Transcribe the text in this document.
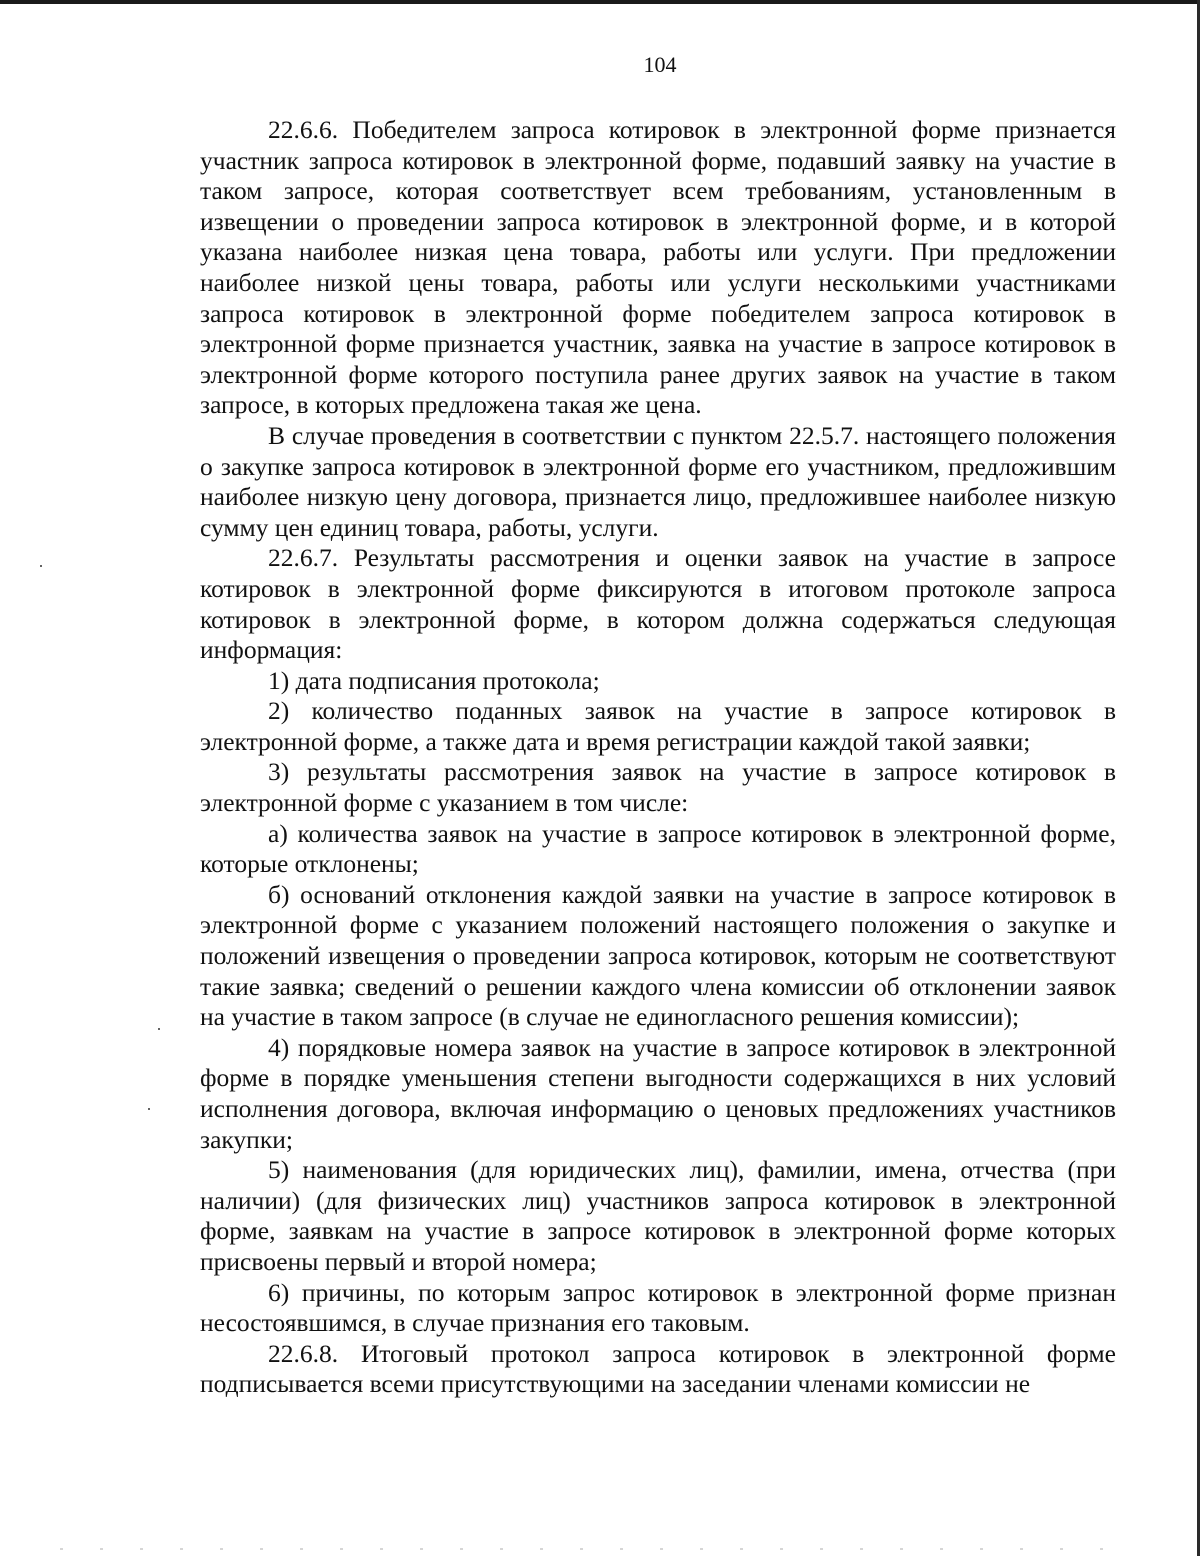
104

22.6.6. Победителем запроса котировок в электронной форме признается участник запроса котировок в электронной форме, подавший заявку на участие в таком запросе, которая соответствует всем требованиям, установленным в извещении о проведении запроса котировок в электронной форме, и в которой указана наиболее низкая цена товара, работы или услуги. При предложении наиболее низкой цены товара, работы или услуги несколькими участниками запроса котировок в электронной форме победителем запроса котировок в электронной форме признается участник, заявка на участие в запросе котировок в электронной форме которого поступила ранее других заявок на участие в таком запросе, в которых предложена такая же цена.

В случае проведения в соответствии с пунктом 22.5.7. настоящего положения о закупке запроса котировок в электронной форме его участником, предложившим наиболее низкую цену договора, признается лицо, предложившее наиболее низкую сумму цен единиц товара, работы, услуги.

22.6.7. Результаты рассмотрения и оценки заявок на участие в запросе котировок в электронной форме фиксируются в итоговом протоколе запроса котировок в электронной форме, в котором должна содержаться следующая информация:

1) дата подписания протокола;

2) количество поданных заявок на участие в запросе котировок в электронной форме, а также дата и время регистрации каждой такой заявки;

3) результаты рассмотрения заявок на участие в запросе котировок в электронной форме с указанием в том числе:

а) количества заявок на участие в запросе котировок в электронной форме, которые отклонены;

б) оснований отклонения каждой заявки на участие в запросе котировок в электронной форме с указанием положений настоящего положения о закупке и положений извещения о проведении запроса котировок, которым не соответствуют такие заявка; сведений о решении каждого члена комиссии об отклонении заявок на участие в таком запросе (в случае не единогласного решения комиссии);

4) порядковые номера заявок на участие в запросе котировок в электронной форме в порядке уменьшения степени выгодности содержащихся в них условий исполнения договора, включая информацию о ценовых предложениях участников закупки;

5) наименования (для юридических лиц), фамилии, имена, отчества (при наличии) (для физических лиц) участников запроса котировок в электронной форме, заявкам на участие в запросе котировок в электронной форме которых присвоены первый и второй номера;

6) причины, по которым запрос котировок в электронной форме признан несостоявшимся, в случае признания его таковым.

22.6.8. Итоговый протокол запроса котировок в электронной форме подписывается всеми присутствующими на заседании членами комиссии не
